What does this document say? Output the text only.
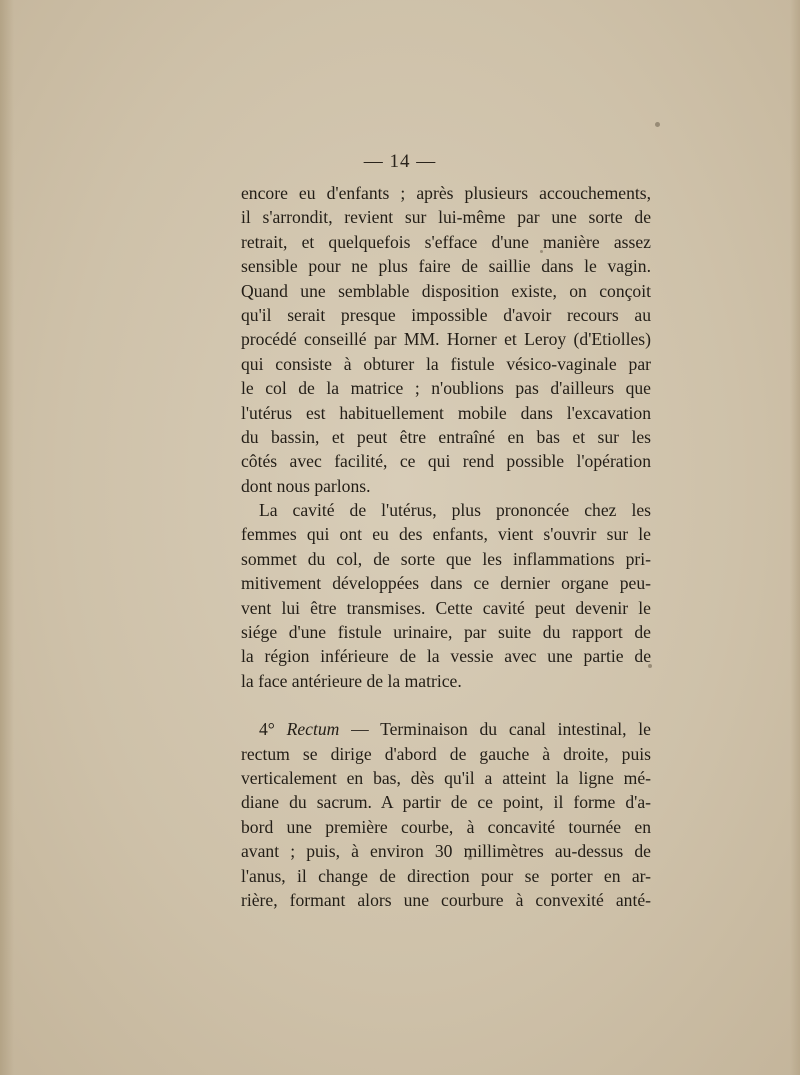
— 14 —
encore eu d'enfants ; après plusieurs accouchements,
il s'arrondit, revient sur lui-même par une sorte de
retrait, et quelquefois s'efface d'une manière assez
sensible pour ne plus faire de saillie dans le vagin.
Quand une semblable disposition existe, on conçoit
qu'il serait presque impossible d'avoir recours au
procédé conseillé par MM. Horner et Leroy (d'Etiolles)
qui consiste à obturer la fistule vésico-vaginale par
le col de la matrice ; n'oublions pas d'ailleurs que
l'utérus est habituellement mobile dans l'excavation
du bassin, et peut être entraîné en bas et sur les
côtés avec facilité, ce qui rend possible l'opération
dont nous parlons.
La cavité de l'utérus, plus prononcée chez les
femmes qui ont eu des enfants, vient s'ouvrir sur le
sommet du col, de sorte que les inflammations pri-
mitivement développées dans ce dernier organe peu-
vent lui être transmises. Cette cavité peut devenir le
siége d'une fistule urinaire, par suite du rapport de
la région inférieure de la vessie avec une partie de
la face antérieure de la matrice.
4° Rectum — Terminaison du canal intestinal, le
rectum se dirige d'abord de gauche à droite, puis
verticalement en bas, dès qu'il a atteint la ligne mé-
diane du sacrum. A partir de ce point, il forme d'a-
bord une première courbe, à concavité tournée en
avant ; puis, à environ 30 millimètres au-dessus de
l'anus, il change de direction pour se porter en ar-
rière, formant alors une courbure à convexité anté-
